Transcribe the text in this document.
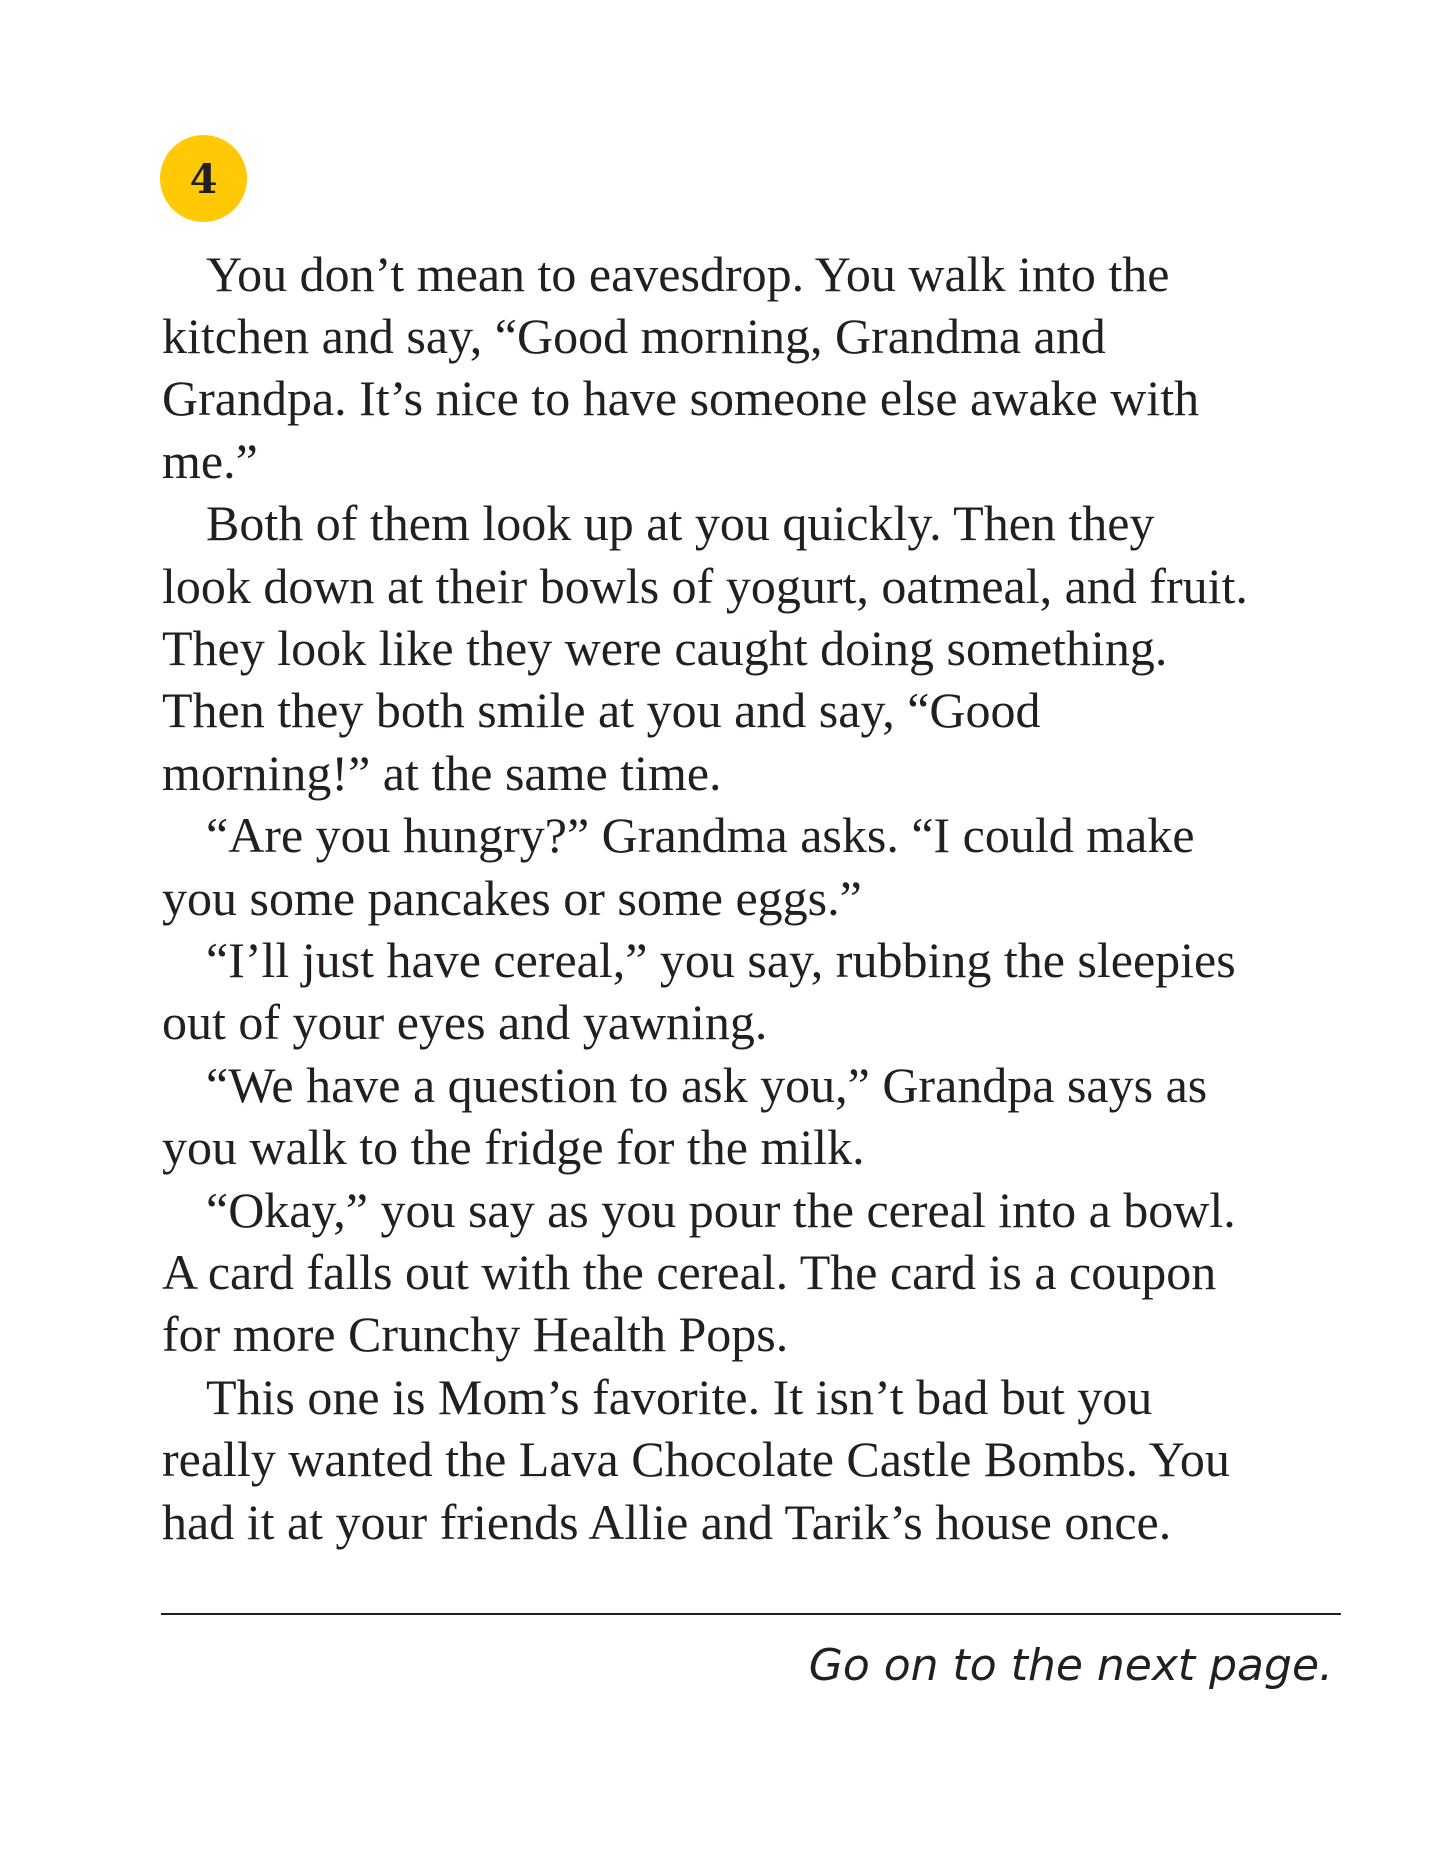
4
You don’t mean to eavesdrop. You walk into the
kitchen and say, “Good morning, Grandma and
Grandpa. It’s nice to have someone else awake with
me.”
Both of them look up at you quickly. Then they
look down at their bowls of yogurt, oatmeal, and fruit.
They look like they were caught doing something.
Then they both smile at you and say, “Good
morning!” at the same time.
“Are you hungry?” Grandma asks. “I could make
you some pancakes or some eggs.”
“I’ll just have cereal,” you say, rubbing the sleepies
out of your eyes and yawning.
“We have a question to ask you,” Grandpa says as
you walk to the fridge for the milk.
“Okay,” you say as you pour the cereal into a bowl.
A card falls out with the cereal. The card is a coupon
for more Crunchy Health Pops.
This one is Mom’s favorite. It isn’t bad but you
really wanted the Lava Chocolate Castle Bombs. You
had it at your friends Allie and Tarik’s house once.
Go on to the next page.
